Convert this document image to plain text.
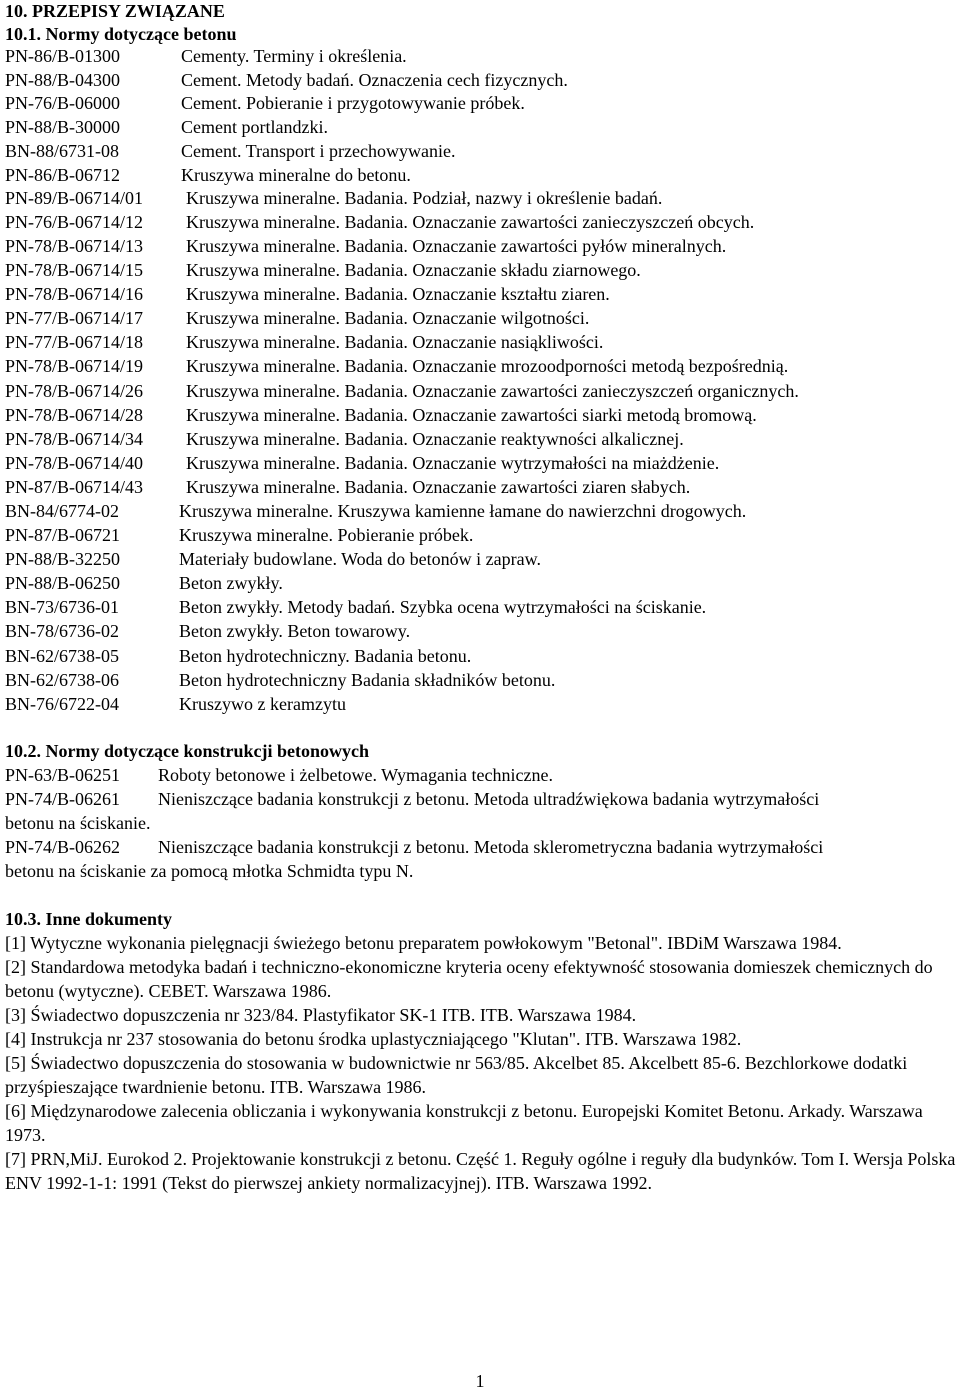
10. PRZEPISY ZWIĄZANE
10.1. Normy dotyczące betonu
PN-86/B-01300	Cementy. Terminy i określenia.
PN-88/B-04300	Cement. Metody badań. Oznaczenia cech fizycznych.
PN-76/B-06000	Cement. Pobieranie i przygotowywanie próbek.
PN-88/B-30000	Cement portlandzki.
BN-88/6731-08	Cement. Transport i przechowywanie.
PN-86/B-06712	Kruszywa mineralne do betonu.
PN-89/B-06714/01 Kruszywa mineralne. Badania. Podział, nazwy i określenie badań.
PN-76/B-06714/12 Kruszywa mineralne. Badania. Oznaczanie zawartości zanieczyszczeń obcych.
PN-78/B-06714/13 Kruszywa mineralne. Badania. Oznaczanie zawartości pyłów mineralnych.
PN-78/B-06714/15 Kruszywa mineralne. Badania. Oznaczanie składu ziarnowego.
PN-78/B-06714/16 Kruszywa mineralne. Badania. Oznaczanie kształtu ziaren.
PN-77/B-06714/17 Kruszywa mineralne. Badania. Oznaczanie wilgotności.
PN-77/B-06714/18 Kruszywa mineralne. Badania. Oznaczanie nasiąkliwości.
PN-78/B-06714/19 Kruszywa mineralne. Badania. Oznaczanie mrozoodporności metodą bezpośrednią.
PN-78/B-06714/26 Kruszywa mineralne. Badania. Oznaczanie zawartości zanieczyszczeń organicznych.
PN-78/B-06714/28 Kruszywa mineralne. Badania. Oznaczanie zawartości siarki metodą bromową.
PN-78/B-06714/34 Kruszywa mineralne. Badania. Oznaczanie reaktywności alkalicznej.
PN-78/B-06714/40 Kruszywa mineralne. Badania. Oznaczanie wytrzymałości na miażdżenie.
PN-87/B-06714/43 Kruszywa mineralne. Badania. Oznaczanie zawartości ziaren słabych.
BN-84/6774-02	Kruszywa mineralne. Kruszywa kamienne łamane do nawierzchni drogowych.
PN-87/B-06721	Kruszywa mineralne. Pobieranie próbek.
PN-88/B-32250	Materiały budowlane. Woda do betonów i zapraw.
PN-88/B-06250	Beton zwykły.
BN-73/6736-01	Beton zwykły. Metody badań. Szybka ocena wytrzymałości na ściskanie.
BN-78/6736-02	Beton zwykły. Beton towarowy.
BN-62/6738-05	Beton hydrotechniczny. Badania betonu.
BN-62/6738-06	Beton hydrotechniczny Badania składników betonu.
BN-76/6722-04	Kruszywo z keramzytu
10.2. Normy dotyczące konstrukcji betonowych
PN-63/B-06251 Roboty betonowe i żelbetowe. Wymagania techniczne.
PN-74/B-06261 Nieniszczące badania konstrukcji z betonu. Metoda ultradźwiękowa badania wytrzymałości
betonu na ściskanie.
PN-74/B-06262 Nieniszczące badania konstrukcji z betonu. Metoda sklerometryczna badania wytrzymałości
betonu na ściskanie za pomocą młotka Schmidta typu N.
10.3. Inne dokumenty
[1] Wytyczne wykonania pielęgnacji świeżego betonu preparatem powłokowym "Betonal". IBDiM Warszawa 1984.
[2] Standardowa metodyka badań i techniczno-ekonomiczne kryteria oceny efektywność stosowania domieszek chemicznych do betonu (wytyczne). CEBET. Warszawa 1986.
[3] Świadectwo dopuszczenia nr 323/84. Plastyfikator SK-1 ITB. ITB. Warszawa 1984.
[4] Instrukcja nr 237 stosowania do betonu środka uplastyczniającego "Klutan". ITB. Warszawa 1982.
[5] Świadectwo dopuszczenia do stosowania w budownictwie nr 563/85. Akcelbet 85. Akcelbett 85-6. Bezchlorkowe dodatki przyśpieszające twardnienie betonu. ITB. Warszawa 1986.
[6] Międzynarodowe zalecenia obliczania i wykonywania konstrukcji z betonu. Europejski Komitet Betonu. Arkady. Warszawa 1973.
[7] PRN,MiJ. Eurokod 2. Projektowanie konstrukcji z betonu. Część 1. Reguły ogólne i reguły dla budynków. Tom I. Wersja Polska ENV 1992-1-1: 1991 (Tekst do pierwszej ankiety normalizacyjnej). ITB. Warszawa 1992.
1
